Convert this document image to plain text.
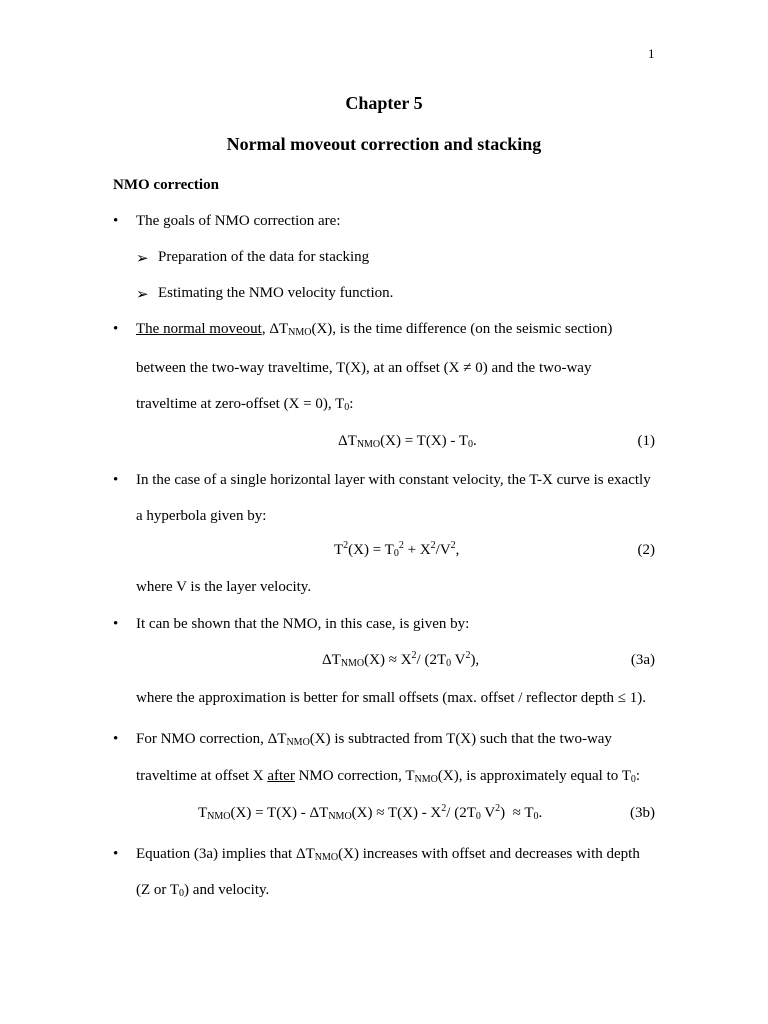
1
Chapter 5
Normal moveout correction and stacking
NMO correction
• The goals of NMO correction are:
➢ Preparation of the data for stacking
➢ Estimating the NMO velocity function.
• The normal moveout, $\Delta T_{NMO}(X)$, is the time difference (on the seismic section)
between the two-way traveltime, T(X), at an offset (X ≠ 0) and the two-way
traveltime at zero-offset (X = 0), $T_0$:
$\Delta T_{NMO}(X) = T(X) - T_0$.	(1)
• In the case of a single horizontal layer with constant velocity, the T-X curve is exactly
a hyperbola given by:
$T^2(X) = T_0^2 + X^2/V^2$,	(2)
where V is the layer velocity.
• It can be shown that the NMO, in this case, is given by:
$\Delta T_{NMO}(X) \approx X^2/$ ($2T_0$ $V^2$),	(3a)
where the approximation is better for small offsets (max. offset / reflector depth ≤ 1).
• For NMO correction, $\Delta T_{NMO}(X)$ is subtracted from T(X) such that the two-way
traveltime at offset X after NMO correction, $T_{NMO}(X)$, is approximately equal to $T_0$:
$T_{NMO}(X) = T(X) - \Delta T_{NMO}(X) \approx T(X) - X^2/$ ($2T_0$ $V^2) \approx T_0$.	(3b)
• Equation (3a) implies that $\Delta T_{NMO}(X)$ increases with offset and decreases with depth
(Z or $T_0$) and velocity.
